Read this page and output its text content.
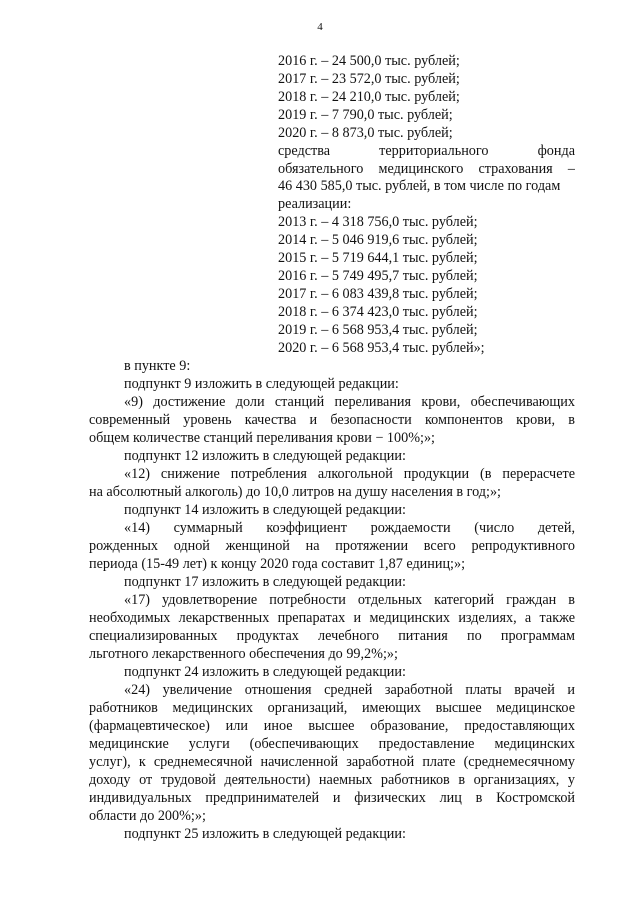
4
2016 г. – 24 500,0 тыс. рублей;
2017 г. – 23 572,0 тыс. рублей;
2018 г. – 24 210,0 тыс. рублей;
2019 г. – 7 790,0 тыс. рублей;
2020 г. – 8 873,0 тыс. рублей;
средства территориального фонда
обязательного медицинского страхования –
46 430 585,0 тыс. рублей, в том числе по годам
реализации:
2013 г. – 4 318 756,0 тыс. рублей;
2014 г. – 5 046 919,6 тыс. рублей;
2015 г. – 5 719 644,1 тыс. рублей;
2016 г. – 5 749 495,7 тыс. рублей;
2017 г. – 6 083 439,8 тыс. рублей;
2018 г. – 6 374 423,0 тыс. рублей;
2019 г. – 6 568 953,4 тыс. рублей;
2020 г. – 6 568 953,4 тыс. рублей»;
в пункте 9:
подпункт 9 изложить в следующей редакции:
«9) достижение доли станций переливания крови, обеспечивающих
современный уровень качества и безопасности компонентов крови, в
общем количестве станций переливания крови − 100%;»;
подпункт 12 изложить в следующей редакции:
«12) снижение потребления алкогольной продукции (в перерасчете
на абсолютный алкоголь) до 10,0 литров на душу населения в год;»;
подпункт 14 изложить в следующей редакции:
«14) суммарный коэффициент рождаемости (число детей,
рожденных одной женщиной на протяжении всего репродуктивного
периода (15-49 лет) к концу 2020 года составит 1,87 единиц;»;
подпункт 17 изложить в следующей редакции:
«17) удовлетворение потребности отдельных категорий граждан в
необходимых лекарственных препаратах и медицинских изделиях, а также
специализированных продуктах лечебного питания по программам
льготного лекарственного обеспечения до 99,2%;»;
подпункт 24 изложить в следующей редакции:
«24) увеличение отношения средней заработной платы врачей и
работников медицинских организаций, имеющих высшее медицинское
(фармацевтическое) или иное высшее образование, предоставляющих
медицинские услуги (обеспечивающих предоставление медицинских
услуг), к среднемесячной начисленной заработной плате (среднемесячному
доходу от трудовой деятельности) наемных работников в организациях, у
индивидуальных предпринимателей и физических лиц в Костромской
области до 200%;»;
подпункт 25 изложить в следующей редакции:
